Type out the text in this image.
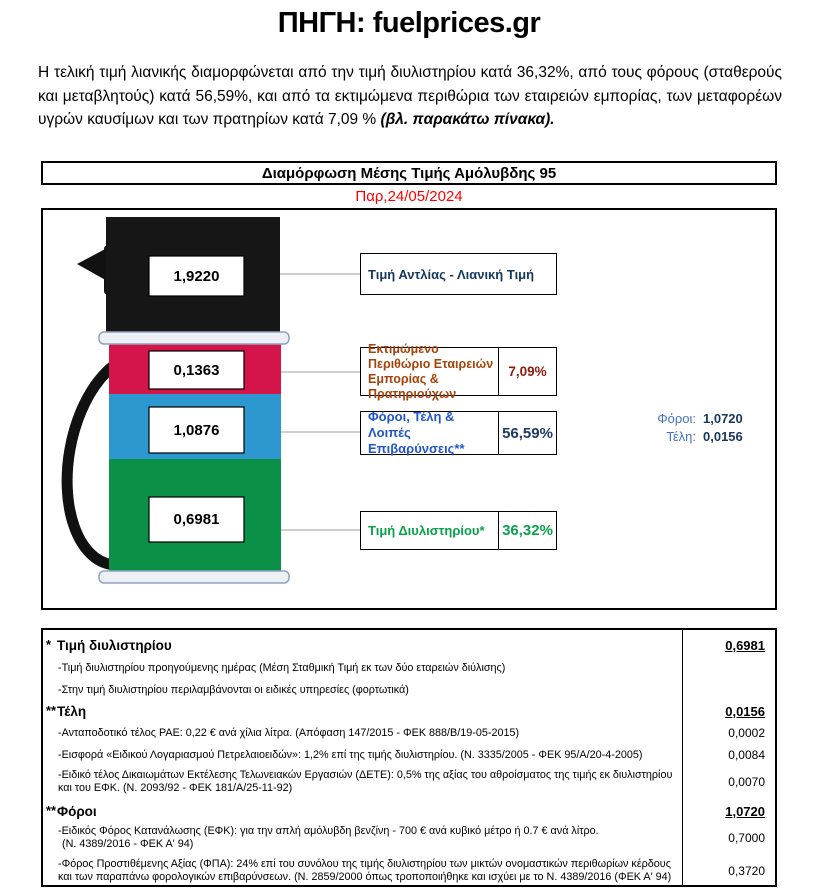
ΠΗΓΗ: fuelprices.gr
Η τελική τιμή λιανικής διαμορφώνεται από την τιμή διυλιστηρίου κατά 36,32%, από τους φόρους (σταθερούς και μεταβλητούς) κατά 56,59%, και από τα εκτιμώμενα περιθώρια των εταιρειών εμπορίας, των μεταφορέων υγρών καυσίμων και των πρατηρίων κατά 7,09 % (βλ. παρακάτω πίνακα).
Διαμόρφωση Μέσης Τιμής Αμόλυβδης 95
Παρ,24/05/2024
1,9220
0,1363
1,0876
0,6981
Τιμή Αντλίας - Λιανική Τιμή
Εκτιμώμενο Περιθώριο Εταιρειών Εμπορίας & Πρατηριούχων
7,09%
Φόροι, Τέλη & Λοιπές Επιβαρύνσεις**
56,59%
Τιμή Διυλιστηρίου*	36,32%
Φόροι: 1,0720
Τέλη: 0,0156
* Τιμή διυλιστηρίου	0,6981
-Τιμή διυλιστηρίου προηγούμενης ημέρας (Μέση Σταθμική Τιμή εκ των δύο εταρειών διύλισης)
-Στην τιμή διυλιστηρίου περιλαμβάνονται οι ειδικές υπηρεσίες (φορτωτικά)
** Τέλη	0,0156
-Ανταποδοτικό τέλος ΡΑΕ: 0,22 € ανά χίλια λίτρα. (Απόφαση 147/2015 - ΦΕΚ 888/Β/19-05-2015)	0,0002
-Εισφορά «Ειδικού Λογαριασμού Πετρελαιοειδών»: 1,2% επί της τιμής διυλιστηρίου. (Ν. 3335/2005 - ΦΕΚ 95/Α/20-4-2005)	0,0084
-Ειδικό τέλος Δικαιωμάτων Εκτέλεσης Τελωνειακών Εργασιών (ΔΕΤΕ): 0,5% της αξίας του αθροίσματος της τιμής εκ διυλιστηρίου και του ΕΦΚ. (Ν. 2093/92 - ΦΕΚ 181/Α/25-11-92)	0,0070
** Φόροι	1,0720
-Ειδικός Φόρος Κατανάλωσης (ΕΦΚ): για την απλή αμόλυβδη βενζίνη - 700 € ανά κυβικό μέτρο ή 0.7 € ανά λίτρο.
(Ν. 4389/2016 - ΦΕΚ Α' 94)	0,7000
-Φόρος Προστιθέμενης Αξίας (ΦΠΑ): 24% επί του συνόλου της τιμής διυλιστηρίου των μικτών ονομαστικών περιθωρίων κέρδους και των παραπάνω φορολογικών επιβαρύνσεων. (Ν. 2859/2000 όπως τροποποιήθηκε και ισχύει με το Ν. 4389/2016 (ΦΕΚ Α' 94)	0,3720
